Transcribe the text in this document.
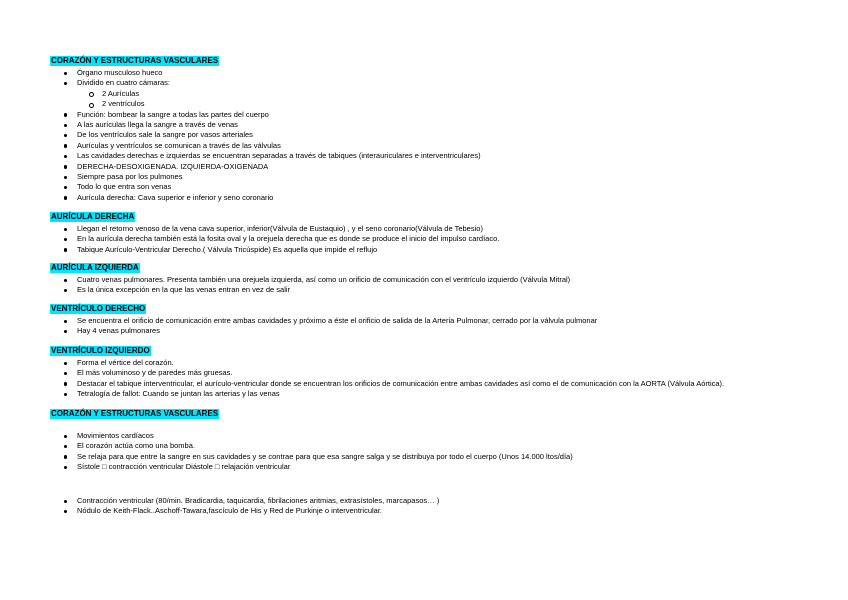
CORAZÓN Y ESTRUCTURAS VASCULARES
Órgano musculoso hueco
Dividido en cuatro cámaras:
2 Aurículas
2 ventrículos
Función: bombear la sangre a todas las partes del cuerpo
A las aurículas llega la sangre a través de venas
De los ventrículos sale la sangre por vasos arteriales
Aurículas y ventrículos se comunican a través de las válvulas
Las cavidades derechas e izquierdas se encuentran separadas a través de tabiques (interauriculares e interventriculares)
DERECHA-DESOXIGENADA. IZQUIERDA-OXIGENADA
Siempre pasa por los pulmones
Todo lo que entra son venas
Aurícula derecha: Cava superior e inferior y seno coronario
AURÍCULA DERECHA
Llegan el retorno venoso de la vena cava superior, inferior(Válvula de Eustaquio) , y el seno coronario(Válvula de Tebesio)
En la aurícula derecha también está la fosita oval y la orejuela derecha que es donde se produce el inicio del impulso cardíaco.
Tabique Aurículo-Ventricular Derecho.( Válvula Tricúspide) Es aquella que impide el reflujo
AURÍCULA IZQUIERDA
Cuatro venas pulmonares. Presenta también una orejuela izquierda, así como un orificio de comunicación con el ventrículo izquierdo (Válvula Mitral)
Es la única excepción en la que las venas entran en vez de salir
VENTRÍCULO DERECHO
Se encuentra el orificio de comunicación entre ambas cavidades y próximo a éste el orificio de salida de la Arteria Pulmonar, cerrado por la válvula pulmonar
Hay 4 venas pulmonares
VENTRÍCULO IZQUIERDO
Forma el vértice del corazón.
El más voluminoso y de paredes más gruesas.
Destacar el tabique interventricular, el aurículo-ventricular donde se encuentran los orificios de comunicación entre ambas cavidades así como el de comunicación con la AORTA (Válvula Aórtica).
Tetralogía de fallot: Cuando se juntan las arterias y las venas
CORAZÓN Y ESTRUCTURAS VASCULARES
Movimientos cardíacos
El corazón actúa como una bomba.
Se relaja para que entre la sangre en sus cavidades y se contrae para que esa sangre salga y se distribuya por todo el cuerpo (Unos 14.000 ltos/día)
Sístole □ contracción ventricular Diástole □ relajación ventricular
Contracción ventricular (80/min. Bradicardia, taquicardia, fibrilaciones aritmias, extrasístoles, marcapasos… )
Nódulo de Keith-Flack..Aschoff-Tawara,fascículo de His y Red de Purkinje o interventricular.
